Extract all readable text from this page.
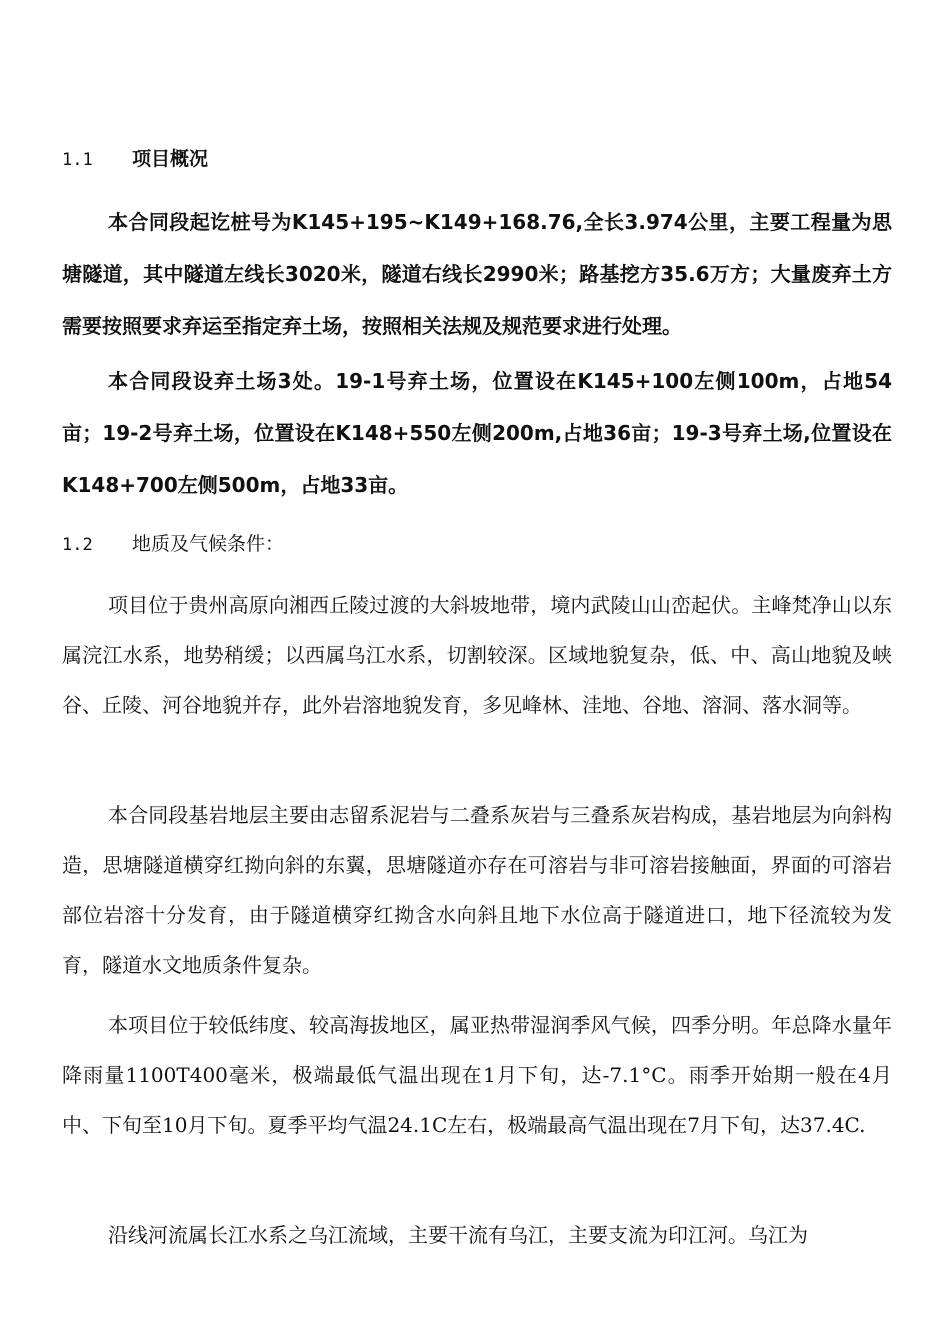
1.1 项目概况

本合同段起讫桩号为K145+195~K149+168.76,全长3.974公里，主要工程量为思塘隧道，其中隧道左线长3020米，隧道右线长2990米；路基挖方35.6万方；大量废弃土方需要按照要求弃运至指定弃土场，按照相关法规及规范要求进行处理。

本合同段设弃土场3处。19-1号弃土场，位置设在K145+100左侧100m，占地54亩；19-2号弃土场，位置设在K148+550左侧200m,占地36亩；19-3号弃土场,位置设在K148+700左侧500m，占地33亩。

1.2 地质及气候条件：

项目位于贵州高原向湘西丘陵过渡的大斜坡地带，境内武陵山山峦起伏。主峰梵净山以东属浣江水系，地势稍缓；以西属乌江水系，切割较深。区域地貌复杂，低、中、高山地貌及峡谷、丘陵、河谷地貌并存，此外岩溶地貌发育，多见峰林、洼地、谷地、溶洞、落水洞等。

本合同段基岩地层主要由志留系泥岩与二叠系灰岩与三叠系灰岩构成，基岩地层为向斜构造，思塘隧道横穿红拗向斜的东翼，思塘隧道亦存在可溶岩与非可溶岩接触面，界面的可溶岩部位岩溶十分发育，由于隧道横穿红拗含水向斜且地下水位高于隧道进口，地下径流较为发育，隧道水文地质条件复杂。

本项目位于较低纬度、较高海拔地区，属亚热带湿润季风气候，四季分明。年总降水量年降雨量1100T400毫米，极端最低气温出现在1月下旬，达-7.1°C。雨季开始期一般在4月中、下旬至10月下旬。夏季平均气温24.1C左右，极端最高气温出现在7月下旬，达37.4C.

沿线河流属长江水系之乌江流域，主要干流有乌江，主要支流为印江河。乌江为
